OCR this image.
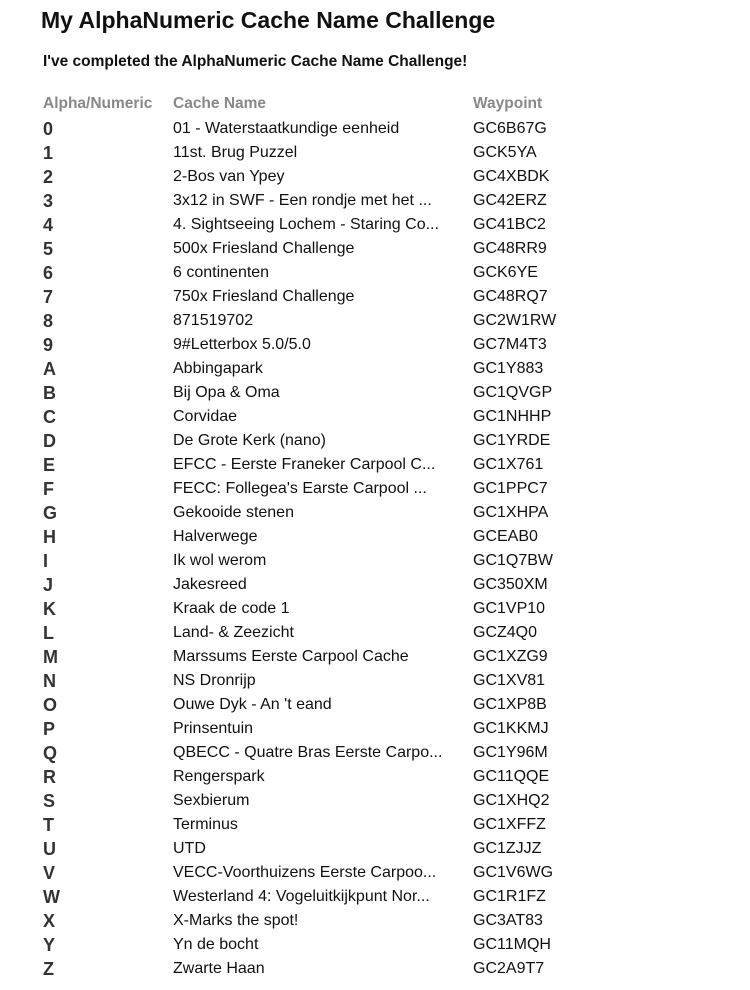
My AlphaNumeric Cache Name Challenge

I've completed the AlphaNumeric Cache Name Challenge!

Alpha/Numeric	Cache Name	Waypoint
0	01 - Waterstaatkundige eenheid	GC6B67G
1	11st. Brug Puzzel	GCK5YA
2	2-Bos van Ypey	GC4XBDK
3	3x12 in SWF - Een rondje met het ...	GC42ERZ
4	4. Sightseeing Lochem - Staring Co...	GC41BC2
5	500x Friesland Challenge	GC48RR9
6	6 continenten	GCK6YE
7	750x Friesland Challenge	GC48RQ7
8	871519702	GC2W1RW
9	9#Letterbox 5.0/5.0	GC7M4T3
A	Abbingapark	GC1Y883
B	Bij Opa & Oma	GC1QVGP
C	Corvidae	GC1NHHP
D	De Grote Kerk (nano)	GC1YRDE
E	EFCC - Eerste Franeker Carpool C...	GC1X761
F	FECC: Follegea's Earste Carpool ...	GC1PPC7
G	Gekooide stenen	GC1XHPA
H	Halverwege	GCEAB0
I	Ik wol werom	GC1Q7BW
J	Jakesreed	GC350XM
K	Kraak de code 1	GC1VP10
L	Land- & Zeezicht	GCZ4Q0
M	Marssums Eerste Carpool Cache	GC1XZG9
N	NS Dronrijp	GC1XV81
O	Ouwe Dyk - An 't eand	GC1XP8B
P	Prinsentuin	GC1KKMJ
Q	QBECC - Quatre Bras Eerste Carpo...	GC1Y96M
R	Rengerspark	GC11QQE
S	Sexbierum	GC1XHQ2
T	Terminus	GC1XFFZ
U	UTD	GC1ZJJZ
V	VECC-Voorthuizens Eerste Carpoo...	GC1V6WG
W	Westerland 4: Vogeluitkijkpunt Nor...	GC1R1FZ
X	X-Marks the spot!	GC3AT83
Y	Yn de bocht	GC11MQH
Z	Zwarte Haan	GC2A9T7
